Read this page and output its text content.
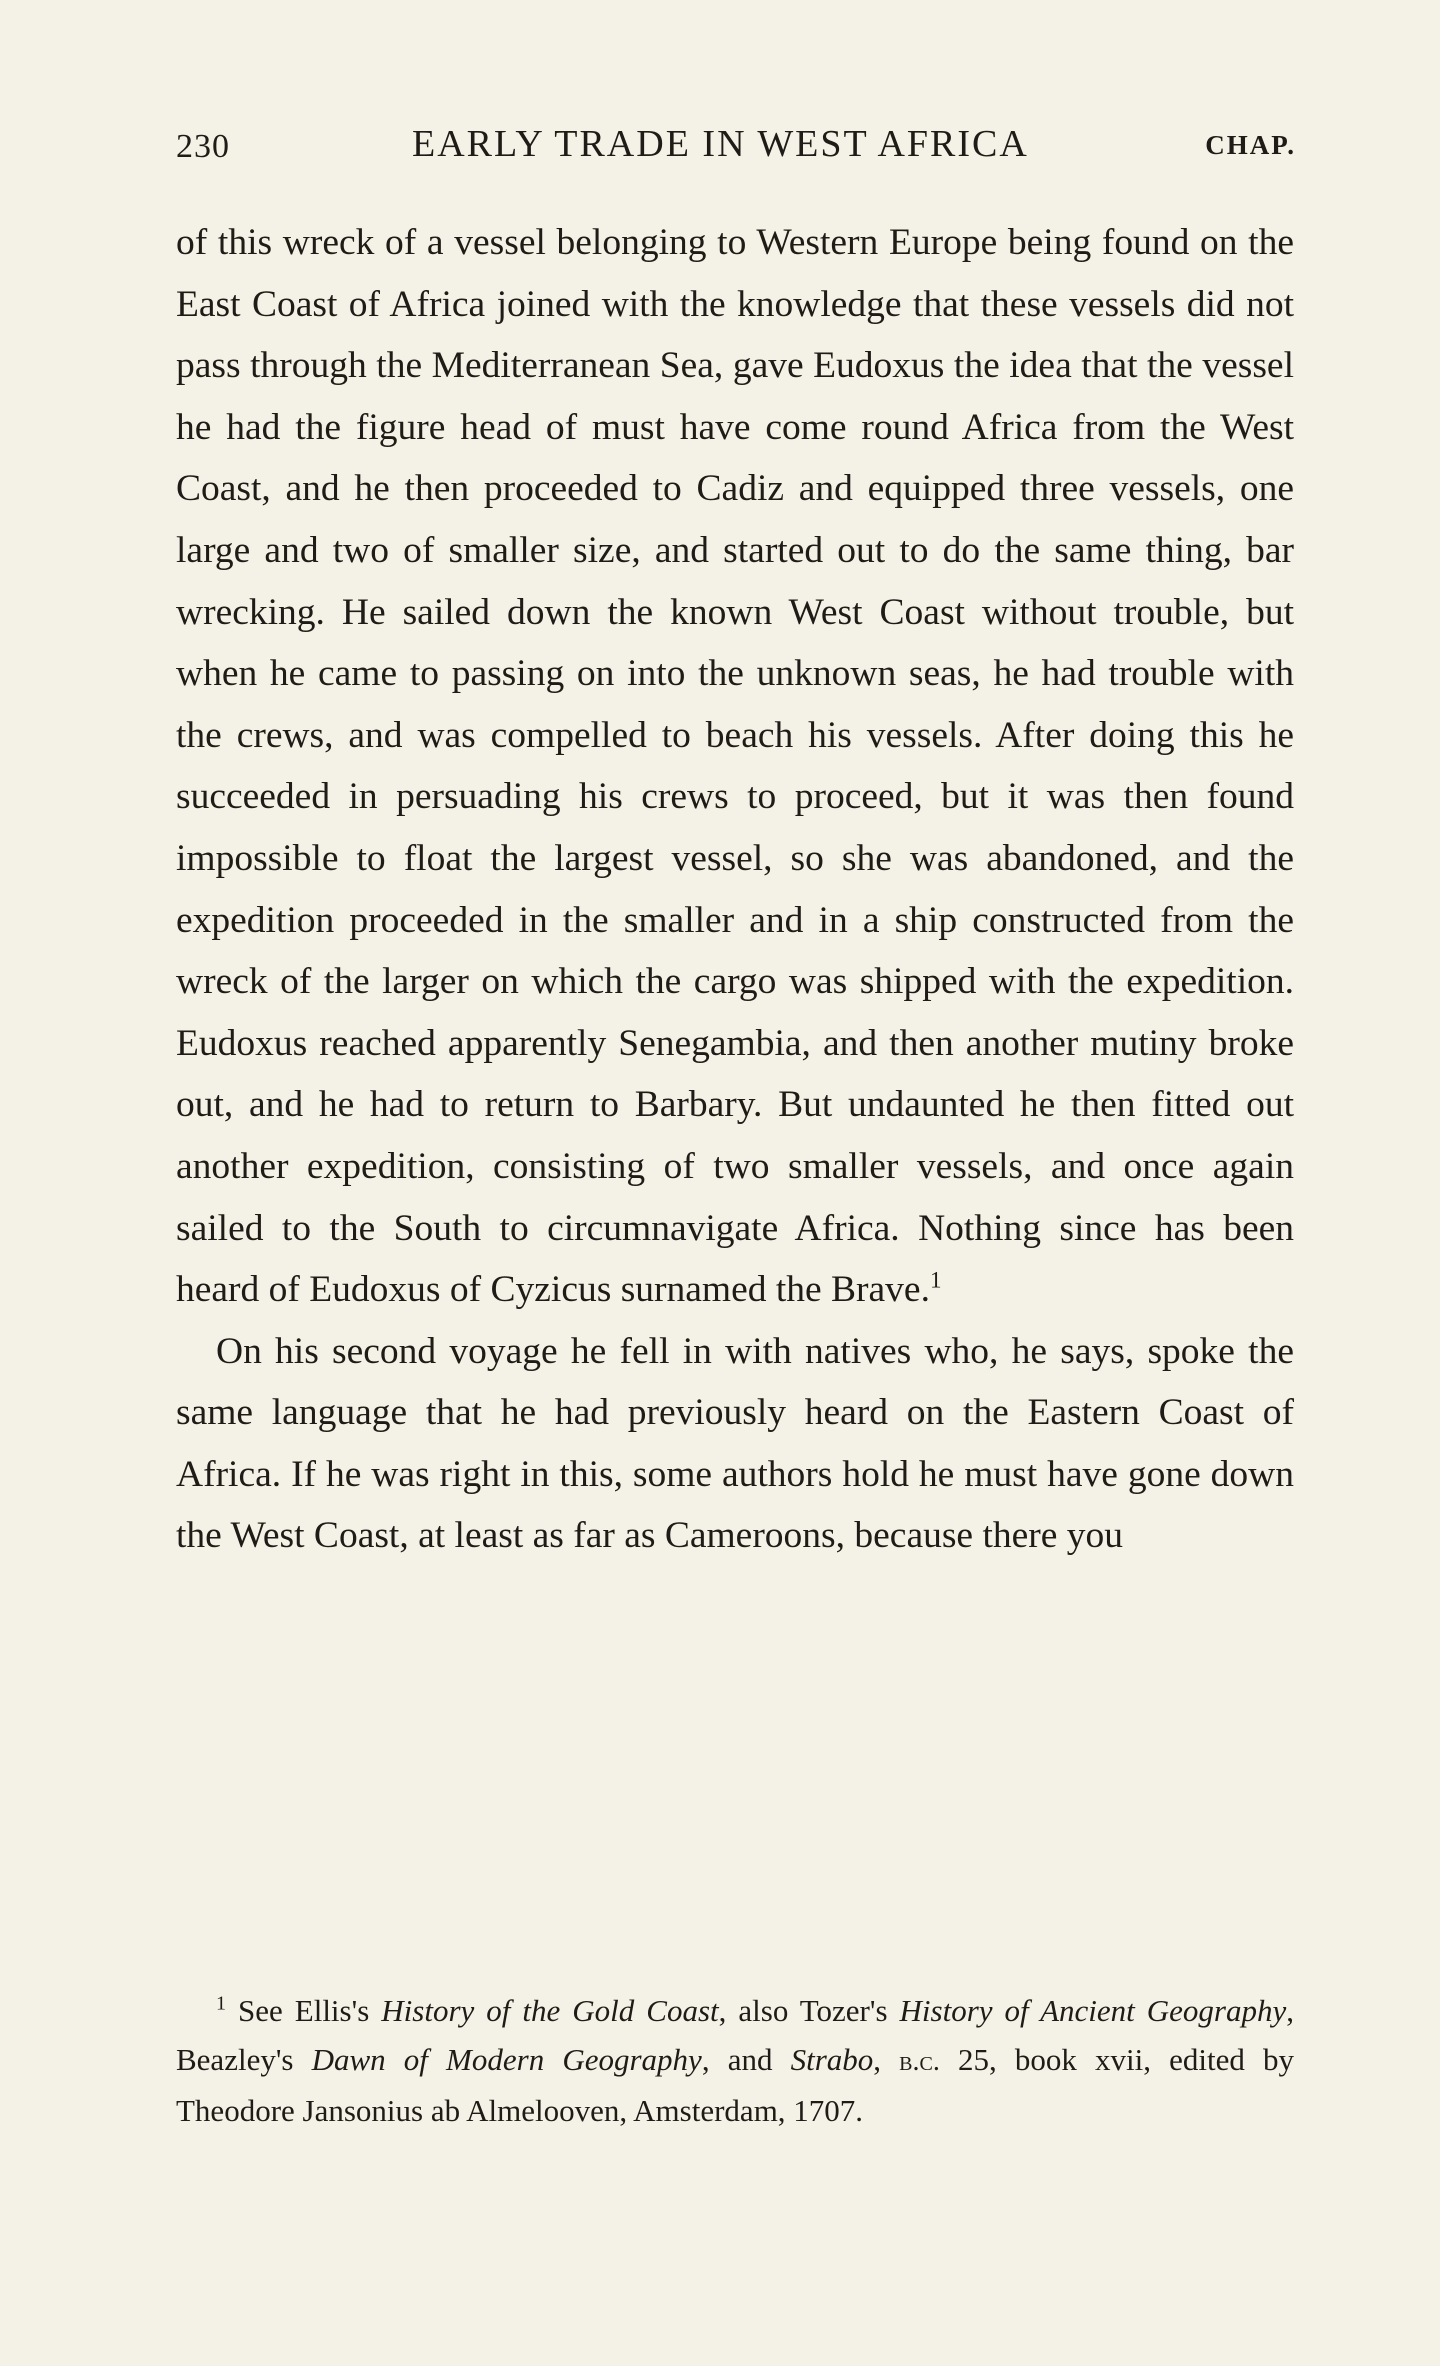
230	EARLY TRADE IN WEST AFRICA	CHAP.

of this wreck of a vessel belonging to Western Europe being found on the East Coast of Africa joined with the knowledge that these vessels did not pass through the Mediterranean Sea, gave Eudoxus the idea that the vessel he had the figure head of must have come round Africa from the West Coast, and he then proceeded to Cadiz and equipped three vessels, one large and two of smaller size, and started out to do the same thing, bar wrecking. He sailed down the known West Coast without trouble, but when he came to passing on into the unknown seas, he had trouble with the crews, and was compelled to beach his vessels. After doing this he succeeded in persuading his crews to proceed, but it was then found impossible to float the largest vessel, so she was abandoned, and the expedition proceeded in the smaller and in a ship constructed from the wreck of the larger on which the cargo was shipped with the expedition. Eudoxus reached apparently Senegambia, and then another mutiny broke out, and he had to return to Barbary. But undaunted he then fitted out another expedition, consisting of two smaller vessels, and once again sailed to the South to circumnavigate Africa. Nothing since has been heard of Eudoxus of Cyzicus surnamed the Brave.$^1$

On his second voyage he fell in with natives who, he says, spoke the same language that he had previously heard on the Eastern Coast of Africa. If he was right in this, some authors hold he must have gone down the West Coast, at least as far as Cameroons, because there you

$^1$ See Ellis's History of the Gold Coast, also Tozer's History of Ancient Geography, Beazley's Dawn of Modern Geography, and Strabo, b.c. 25, book xvii, edited by Theodore Jansonius ab Almelooven, Amsterdam, 1707.
